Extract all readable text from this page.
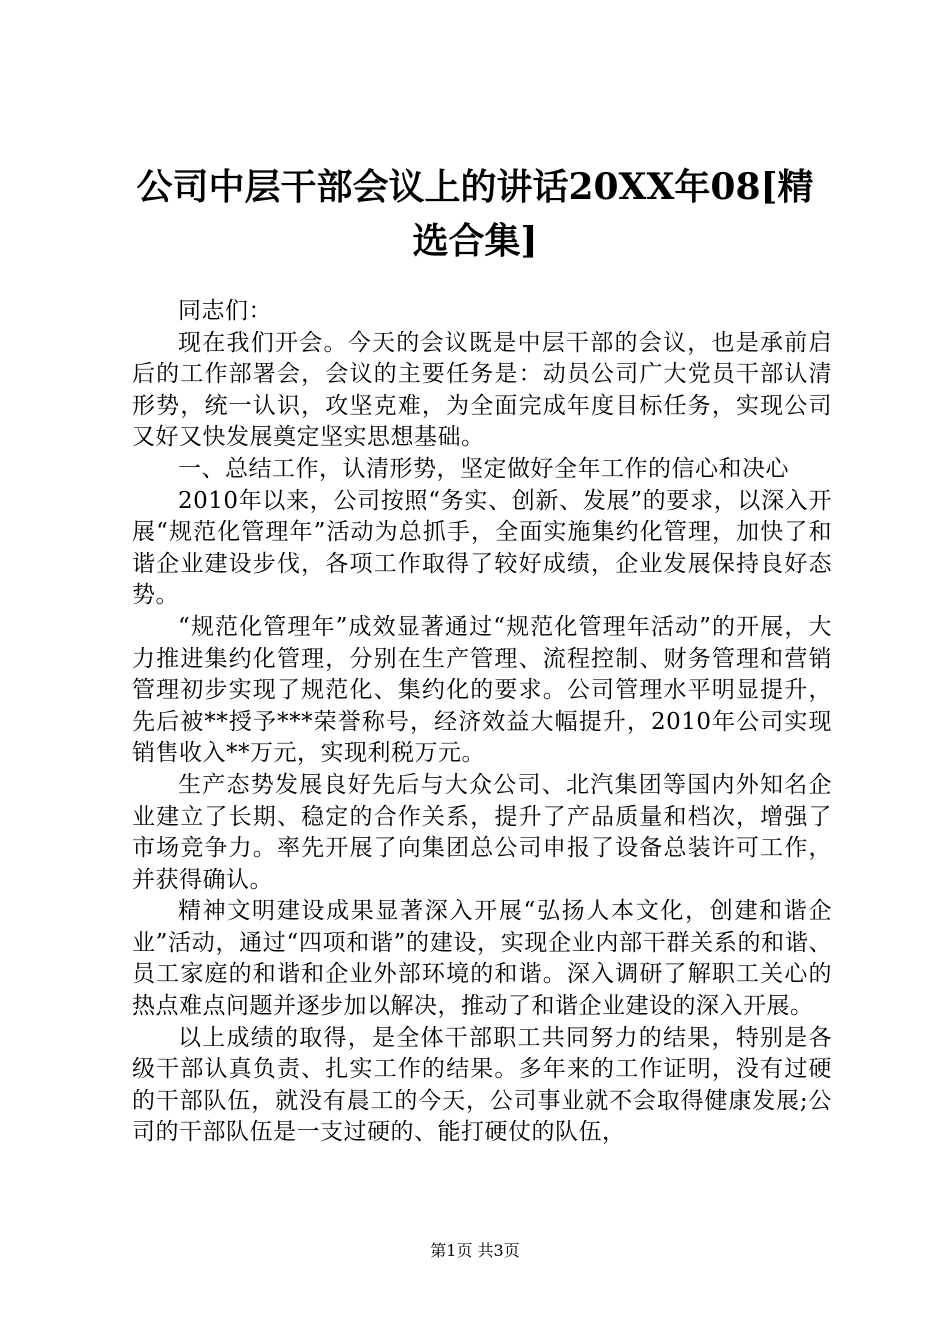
公司中层干部会议上的讲话20XX年08[精选合集]

同志们：

现在我们开会。今天的会议既是中层干部的会议，也是承前启后的工作部署会，会议的主要任务是：动员公司广大党员干部认清形势，统一认识，攻坚克难，为全面完成年度目标任务，实现公司又好又快发展奠定坚实思想基础。

一、总结工作，认清形势，坚定做好全年工作的信心和决心

2010年以来，公司按照“务实、创新、发展”的要求，以深入开展“规范化管理年”活动为总抓手，全面实施集约化管理，加快了和谐企业建设步伐，各项工作取得了较好成绩，企业发展保持良好态势。

“规范化管理年”成效显著通过“规范化管理年活动”的开展，大力推进集约化管理，分别在生产管理、流程控制、财务管理和营销管理初步实现了规范化、集约化的要求。公司管理水平明显提升，先后被**授予***荣誉称号，经济效益大幅提升，2010年公司实现销售收入**万元，实现利税万元。

生产态势发展良好先后与大众公司、北汽集团等国内外知名企业建立了长期、稳定的合作关系，提升了产品质量和档次，增强了市场竞争力。率先开展了向集团总公司申报了设备总装许可工作，并获得确认。

精神文明建设成果显著深入开展“弘扬人本文化，创建和谐企业”活动，通过“四项和谐”的建设，实现企业内部干群关系的和谐、员工家庭的和谐和企业外部环境的和谐。深入调研了解职工关心的热点难点问题并逐步加以解决，推动了和谐企业建设的深入开展。

以上成绩的取得，是全体干部职工共同努力的结果，特别是各级干部认真负责、扎实工作的结果。多年来的工作证明，没有过硬的干部队伍，就没有晨工的今天，公司事业就不会取得健康发展;公司的干部队伍是一支过硬的、能打硬仗的队伍，

第1页 共3页
